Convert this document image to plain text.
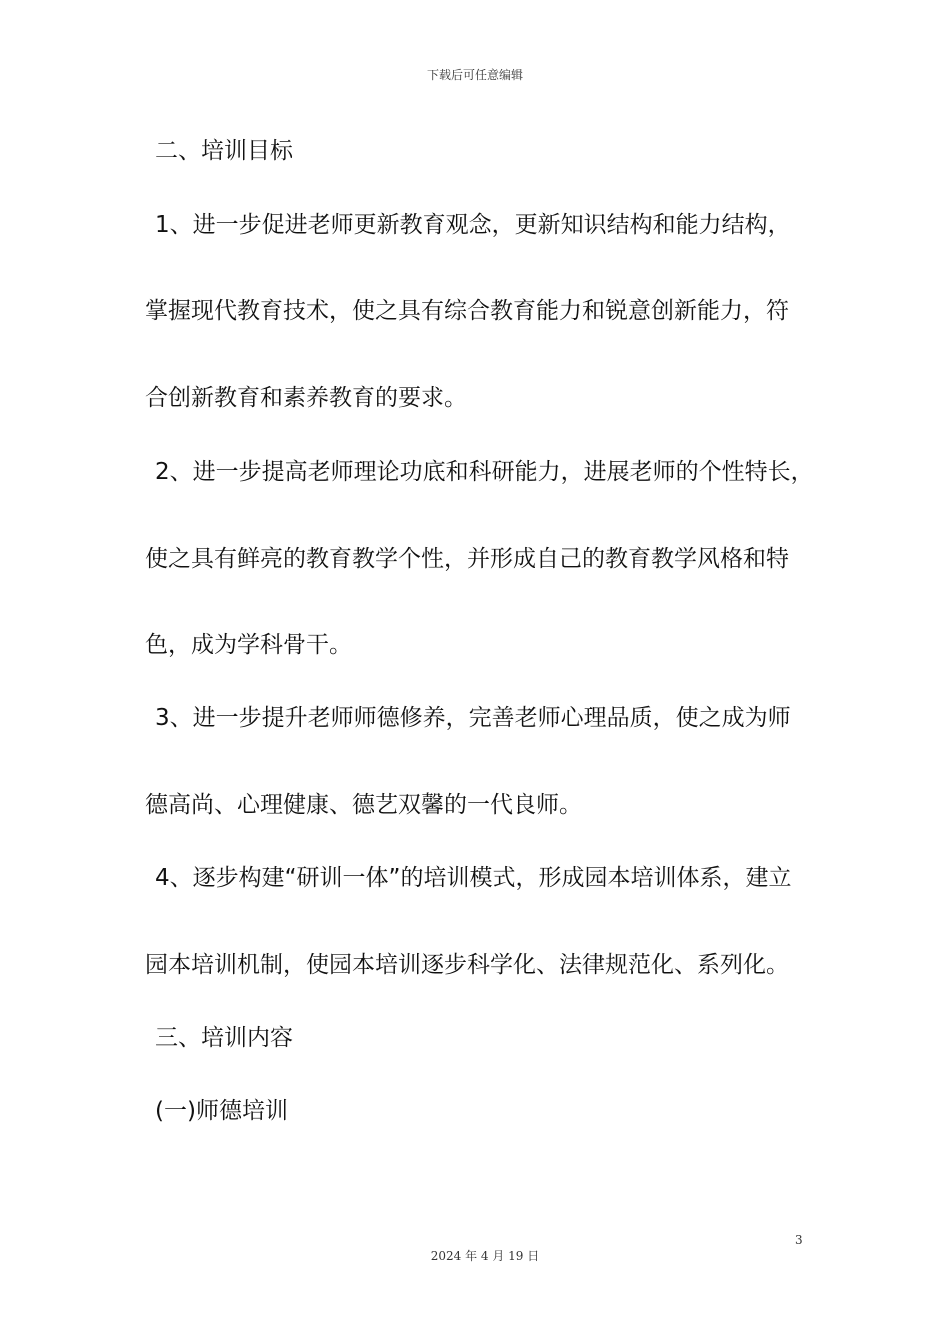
下载后可任意编辑
二、培训目标
1、进一步促进老师更新教育观念，更新知识结构和能力结构，
掌握现代教育技术，使之具有综合教育能力和锐意创新能力，符
合创新教育和素养教育的要求。
2、进一步提高老师理论功底和科研能力，进展老师的个性特长，
使之具有鲜亮的教育教学个性，并形成自己的教育教学风格和特
色，成为学科骨干。
3、进一步提升老师师德修养，完善老师心理品质，使之成为师
德高尚、心理健康、德艺双馨的一代良师。
4、逐步构建“研训一体”的培训模式，形成园本培训体系，建立
园本培训机制，使园本培训逐步科学化、法律规范化、系列化。
三、培训内容
(一)师德培训
3
2024 年 4 月 19 日
